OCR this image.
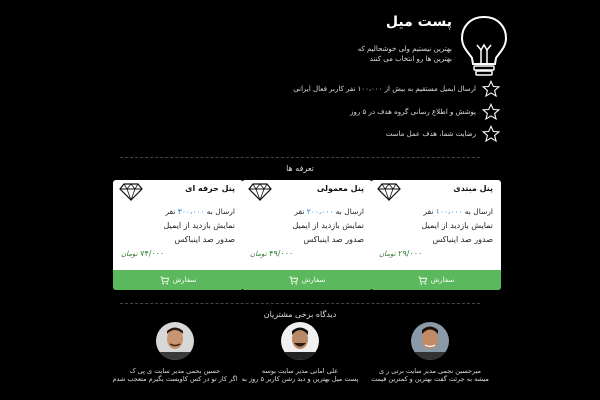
پست میل
بهترین نیستیم ولی خوشحالیم که
بهترین ها رو انتخاب می کنند
ارسال ایمیل مستقیم به بیش از ۱۰۰،۰۰۰ نفر کاربر فعال ایرانی
پوشش و اطلاع رسانی گروه هدف در ۵ روز
رضایت شما، هدف عمل ماست
تعرفه ها
پنل حرفه ای
ارسال به ۳۰۰،۰۰۰ نفر
نمایش بازدید از ایمیل
صدور صد اینباکس
۷۴/۰۰۰ تومان
سفارش
پنل معمولی
ارسال به ۲۰۰،۰۰۰ نفر
نمایش بازدید از ایمیل
صدور صد اینباکس
۴۹/۰۰۰ تومان
سفارش
پنل مبتدی
ارسال به ۱۰۰،۰۰۰ نفر
نمایش بازدید از ایمیل
صدور صد اینباکس
۲۹/۰۰۰ تومان
سفارش
دیدگاه برخی مشتریان
حسین بحمی مدیر سایت ی پی ک
اگر کار تو در کس کاویست بگیرم متعجب شدم
علی امانی مدیر سایت بوسه
پست میل بهترین و دید رشن کاربر ۵ روز به
میرحسین نجمی مدیر سایت برتی ر ی
میشه به جرئت گفت بهترین و کمترین قیمت
